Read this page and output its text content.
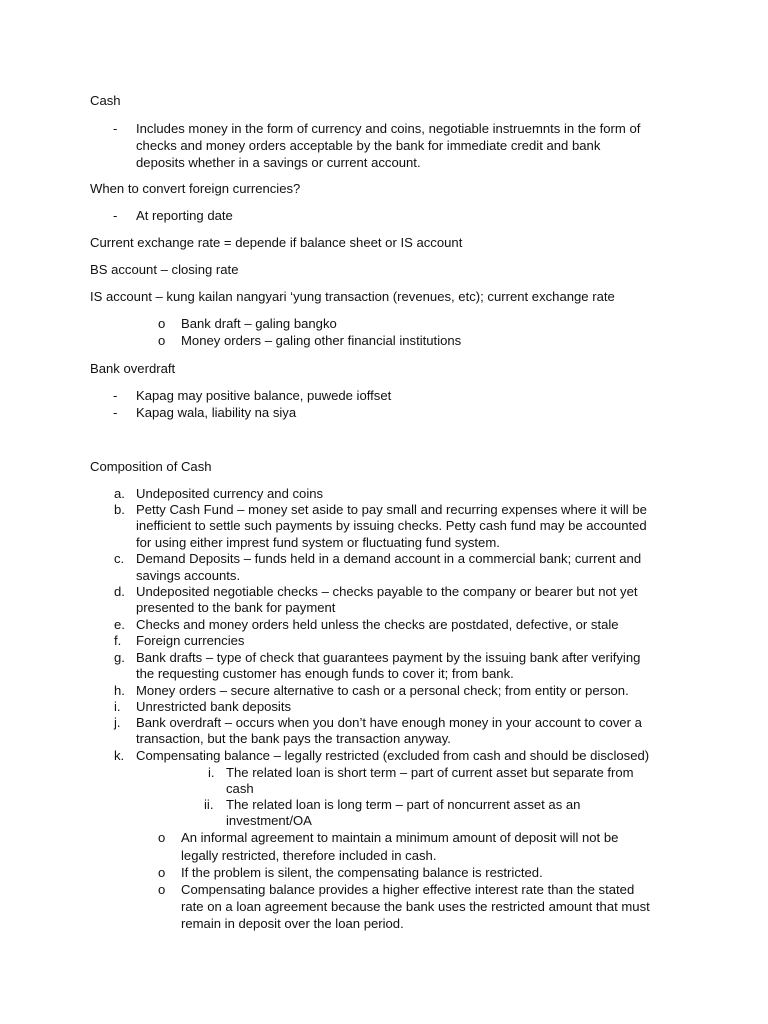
Cash
- Includes money in the form of currency and coins, negotiable instruemnts in the form of
checks and money orders acceptable by the bank for immediate credit and bank
deposits whether in a savings or current account.
When to convert foreign currencies?
- At reporting date
Current exchange rate = depende if balance sheet or IS account
BS account – closing rate
IS account – kung kailan nangyari ‘yung transaction (revenues, etc); current exchange rate
o Bank draft – galing bangko
o Money orders – galing other financial institutions
Bank overdraft
- Kapag may positive balance, puwede ioffset
- Kapag wala, liability na siya
Composition of Cash
a. Undeposited currency and coins
b. Petty Cash Fund – money set aside to pay small and recurring expenses where it will be
inefficient to settle such payments by issuing checks. Petty cash fund may be accounted
for using either imprest fund system or fluctuating fund system.
c. Demand Deposits – funds held in a demand account in a commercial bank; current and
savings accounts.
d. Undeposited negotiable checks – checks payable to the company or bearer but not yet
presented to the bank for payment
e. Checks and money orders held unless the checks are postdated, defective, or stale
f. Foreign currencies
g. Bank drafts – type of check that guarantees payment by the issuing bank after verifying
the requesting customer has enough funds to cover it; from bank.
h. Money orders – secure alternative to cash or a personal check; from entity or person.
i. Unrestricted bank deposits
j. Bank overdraft – occurs when you don’t have enough money in your account to cover a
transaction, but the bank pays the transaction anyway.
k. Compensating balance – legally restricted (excluded from cash and should be disclosed)
i. The related loan is short term – part of current asset but separate from
cash
ii. The related loan is long term – part of noncurrent asset as an
investment/OA
o An informal agreement to maintain a minimum amount of deposit will not be
legally restricted, therefore included in cash.
o If the problem is silent, the compensating balance is restricted.
o Compensating balance provides a higher effective interest rate than the stated
rate on a loan agreement because the bank uses the restricted amount that must
remain in deposit over the loan period.
